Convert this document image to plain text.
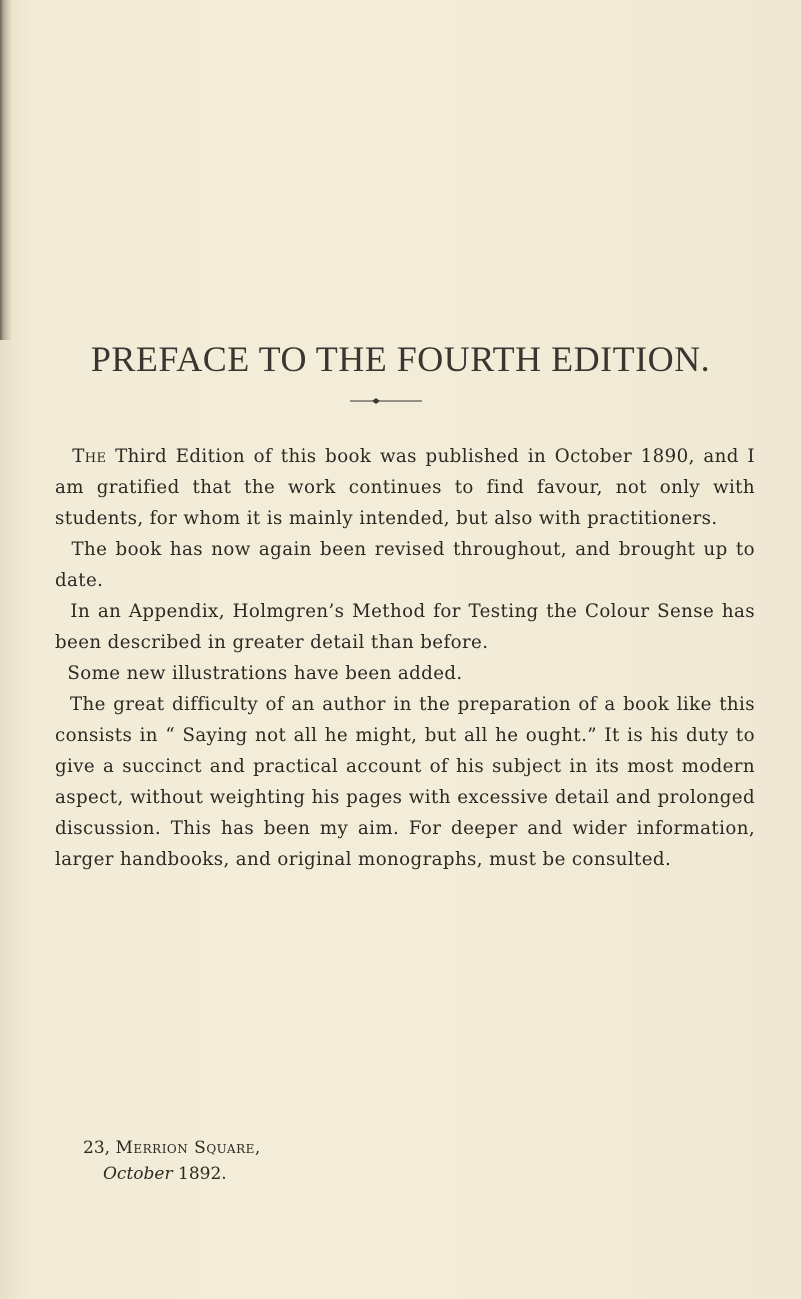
PREFACE TO THE FOURTH EDITION.

The Third Edition of this book was published in October 1890, and I am gratified that the work continues to find favour, not only with students, for whom it is mainly intended, but also with practitioners.

The book has now again been revised throughout, and brought up to date.

In an Appendix, Holmgren’s Method for Testing the Colour Sense has been described in greater detail than before.

Some new illustrations have been added.

The great difficulty of an author in the preparation of a book like this consists in “ Saying not all he might, but all he ought.” It is his duty to give a succinct and practical account of his subject in its most modern aspect, without weighting his pages with excessive detail and prolonged discussion. This has been my aim. For deeper and wider information, larger handbooks, and original monographs, must be consulted.

23, Merrion Square,
October 1892.
